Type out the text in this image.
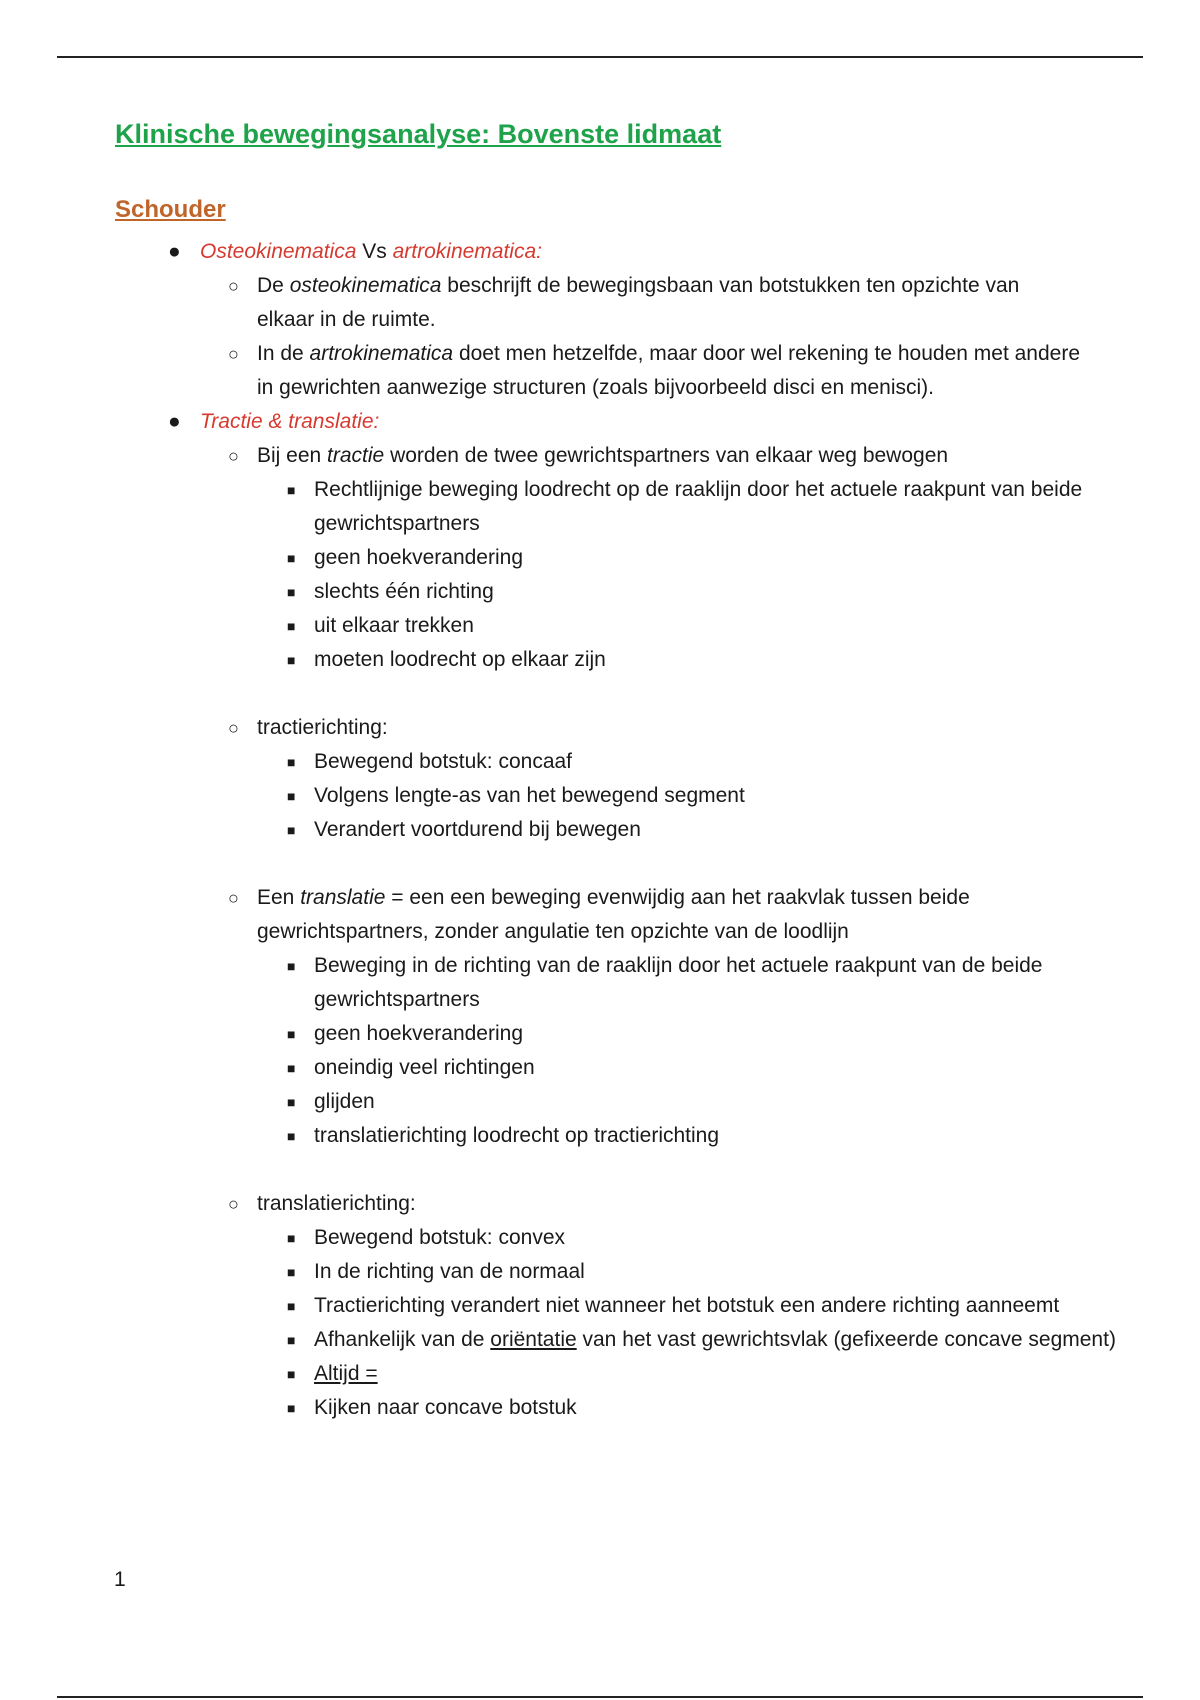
Klinische bewegingsanalyse: Bovenste lidmaat
Schouder

● Osteokinematica Vs artrokinematica:

○ De osteokinematica beschrijft de bewegingsbaan van botstukken ten opzichte van elkaar in de ruimte.

○ In de artrokinematica doet men hetzelfde, maar door wel rekening te houden met andere in gewrichten aanwezige structuren (zoals bijvoorbeeld disci en menisci).

● Tractie & translatie:

○ Bij een tractie worden de twee gewrichtspartners van elkaar weg bewogen

■ Rechtlijnige beweging loodrecht op de raaklijn door het actuele raakpunt van beide gewrichtspartners

■ geen hoekverandering

■ slechts één richting

■ uit elkaar trekken

■ moeten loodrecht op elkaar zijn

○ tractierichting:

■ Bewegend botstuk: concaaf

■ Volgens lengte-as van het bewegend segment

■ Verandert voortdurend bij bewegen

○ Een translatie = een een beweging evenwijdig aan het raakvlak tussen beide gewrichtspartners, zonder angulatie ten opzichte van de loodlijn

■ Beweging in de richting van de raaklijn door het actuele raakpunt van de beide gewrichtspartners

■ geen hoekverandering

■ oneindig veel richtingen

■ glijden

■ translatierichting loodrecht op tractierichting

○ translatierichting:

■ Bewegend botstuk: convex

■ In de richting van de normaal

■ Tractierichting verandert niet wanneer het botstuk een andere richting aanneemt

■ Afhankelijk van de oriëntatie van het vast gewrichtsvlak (gefixeerde concave segment)

■ Altijd =

■ Kijken naar concave botstuk

1
